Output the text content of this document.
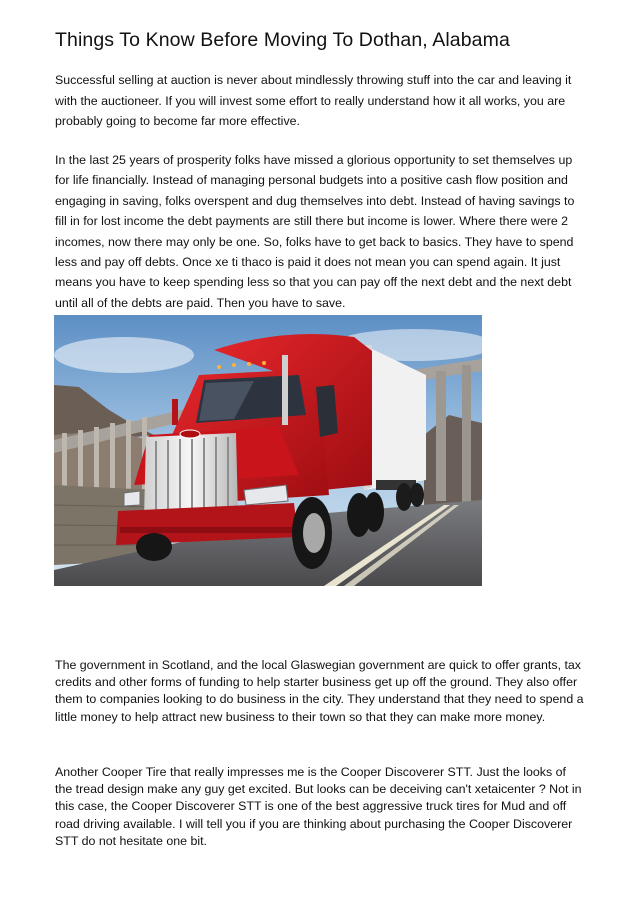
Things To Know Before Moving To Dothan, Alabama

Successful selling at auction is never about mindlessly throwing stuff into the car and leaving it with the auctioneer. If you will invest some effort to really understand how it all works, you are probably going to become far more effective.

In the last 25 years of prosperity folks have missed a glorious opportunity to set themselves up for life financially. Instead of managing personal budgets into a positive cash flow position and engaging in saving, folks overspent and dug themselves into debt. Instead of having savings to fill in for lost income the debt payments are still there but income is lower. Where there were 2 incomes, now there may only be one. So, folks have to get back to basics. They have to spend less and pay off debts. Once xe ti thaco is paid it does not mean you can spend again. It just means you have to keep spending less so that you can pay off the next debt and the next debt until all of the debts are paid. Then you have to save.

The government in Scotland, and the local Glaswegian government are quick to offer grants, tax credits and other forms of funding to help starter business get up off the ground. They also offer them to companies looking to do business in the city. They understand that they need to spend a little money to help attract new business to their town so that they can make more money.

Another Cooper Tire that really impresses me is the Cooper Discoverer STT. Just the looks of the tread design make any guy get excited. But looks can be deceiving can't xetaicenter ? Not in this case, the Cooper Discoverer STT is one of the best aggressive truck tires for Mud and off road driving available. I will tell you if you are thinking about purchasing the Cooper Discoverer STT do not hesitate one bit.
